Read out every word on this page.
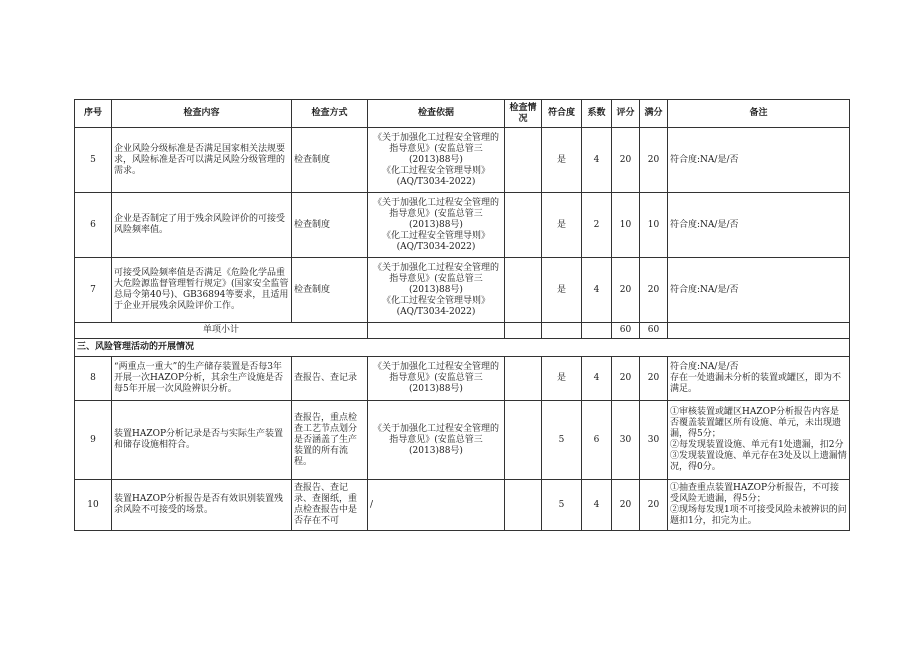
序号	检查内容	检查方式	检查依据	检查情况	符合度	系数	评分	满分	备注
5	企业风险分级标准是否满足国家相关法规要求，风险标准是否可以满足风险分级管理的需求。	检查制度	《关于加强化工过程安全管理的指导意见》(安监总管三(2013)88号)
《化工过程安全管理导则》(AQ/T3034-2022)		是	4	20	20	符合度:NA/是/否
6	企业是否制定了用于残余风险评价的可接受风险频率值。	检查制度	《关于加强化工过程安全管理的指导意见》(安监总管三(2013)88号)
《化工过程安全管理导则》(AQ/T3034-2022)		是	2	10	10	符合度:NA/是/否
7	可接受风险频率值是否满足《危险化学品重大危险源监督管理暂行规定》(国家安全监管总局令第40号)、GB36894等要求，且适用于企业开展残余风险评价工作。	检查制度	《关于加强化工过程安全管理的指导意见》(安监总管三(2013)88号)
《化工过程安全管理导则》(AQ/T3034-2022)		是	4	20	20	符合度:NA/是/否
单项小计							60	60	
三、风险管理活动的开展情况									
8	“两重点一重大”的生产储存装置是否每3年开展一次HAZOP分析，其余生产设施是否每5年开展一次风险辨识分析。	查报告、查记录	《关于加强化工过程安全管理的指导意见》(安监总管三(2013)88号)		是	4	20	20	符合度:NA/是/否
存在一处遗漏未分析的装置或罐区，即为不满足。
9	装置HAZOP分析记录是否与实际生产装置和储存设施相符合。	查报告，重点检查工艺节点划分是否涵盖了生产装置的所有流程。	《关于加强化工过程安全管理的指导意见》(安监总管三(2013)88号)		5	6	30	30	①审核装置或罐区HAZOP分析报告内容是否覆盖装置罐区所有设施、单元，未出现遗漏，得5分；
②每发现装置设施、单元有1处遗漏，扣2分
③发现装置设施、单元存在3处及以上遗漏情况，得0分。
10	装置HAZOP分析报告是否有效识别装置残余风险不可接受的场景。	查报告、查记录、查图纸，重点检查报告中是否存在不可	/		5	4	20	20	①抽查重点装置HAZOP分析报告，不可接受风险无遗漏，得5分；
②现场每发现1项不可接受风险未被辨识的问题扣1分，扣完为止。
